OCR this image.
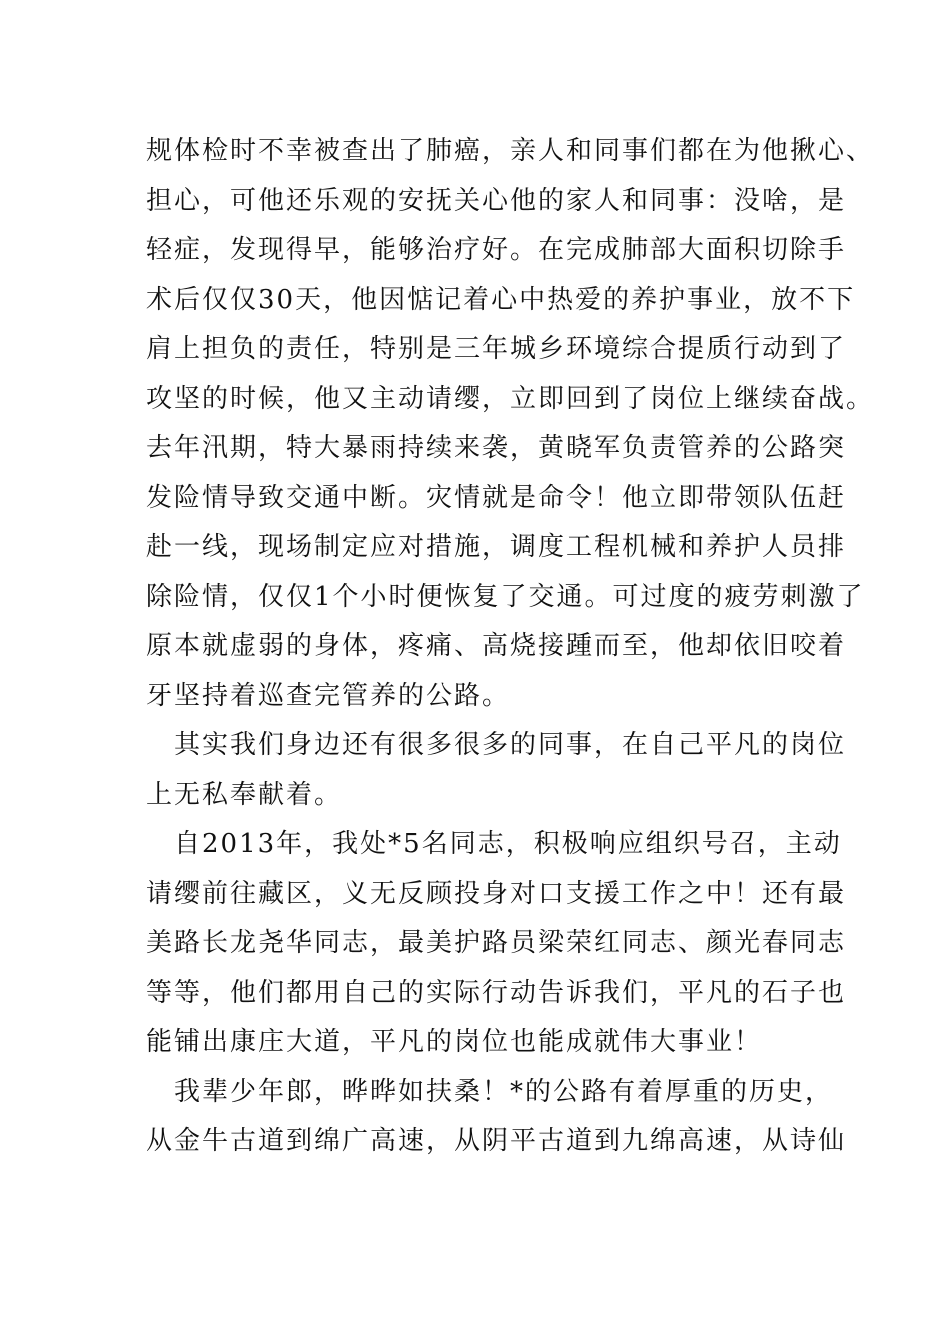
规体检时不幸被查出了肺癌，亲人和同事们都在为他揪心、
担心，可他还乐观的安抚关心他的家人和同事：没啥，是
轻症，发现得早，能够治疗好。在完成肺部大面积切除手
术后仅仅30天，他因惦记着心中热爱的养护事业，放不下
肩上担负的责任，特别是三年城乡环境综合提质行动到了
攻坚的时候，他又主动请缨，立即回到了岗位上继续奋战。
去年汛期，特大暴雨持续来袭，黄晓军负责管养的公路突
发险情导致交通中断。灾情就是命令！他立即带领队伍赶
赴一线，现场制定应对措施，调度工程机械和养护人员排
除险情，仅仅1个小时便恢复了交通。可过度的疲劳刺激了
原本就虚弱的身体，疼痛、高烧接踵而至，他却依旧咬着
牙坚持着巡查完管养的公路。
　其实我们身边还有很多很多的同事，在自己平凡的岗位
上无私奉献着。
　自2013年，我处*5名同志，积极响应组织号召，主动
请缨前往藏区，义无反顾投身对口支援工作之中！还有最
美路长龙尧华同志，最美护路员梁荣红同志、颜光春同志
等等，他们都用自己的实际行动告诉我们，平凡的石子也
能铺出康庄大道，平凡的岗位也能成就伟大事业！
　我辈少年郎，晔晔如扶桑！*的公路有着厚重的历史，
从金牛古道到绵广高速，从阴平古道到九绵高速，从诗仙
